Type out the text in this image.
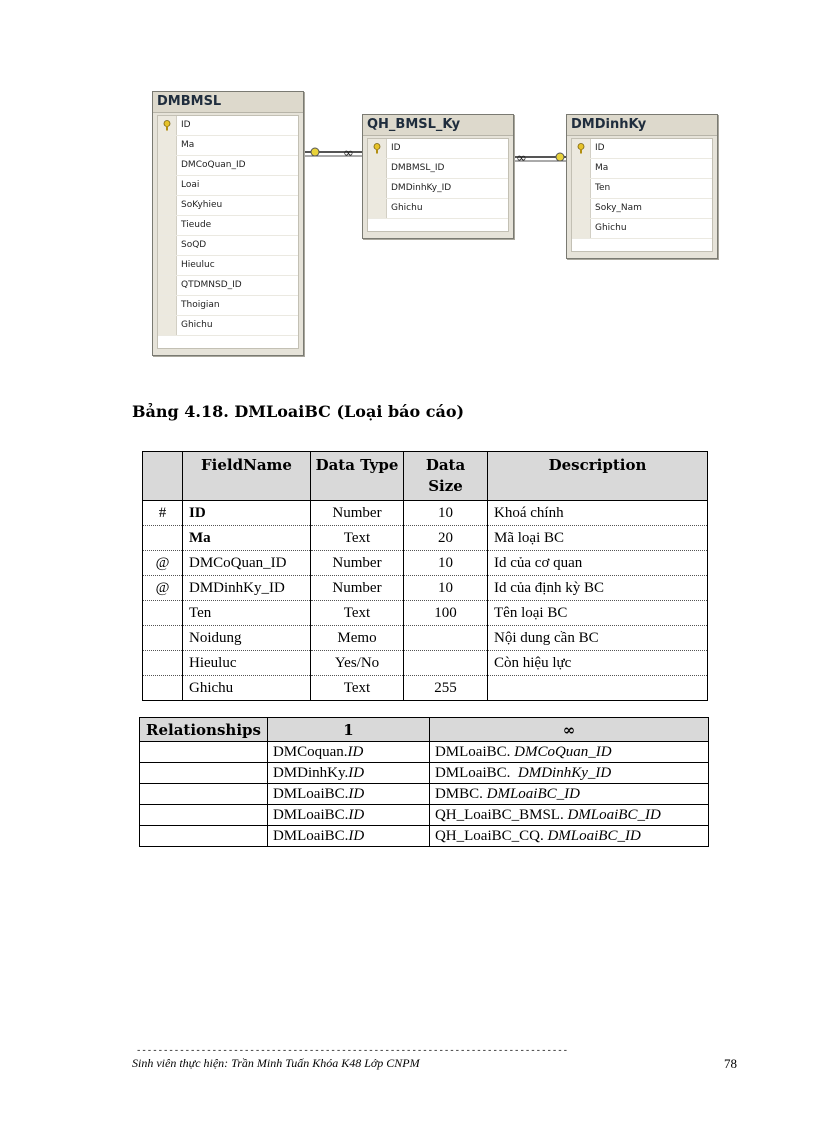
∞	∞
DMBMSL
ID
Ma
DMCoQuan_ID
Loai
SoKyhieu
Tieude
SoQD
Hieuluc
QTDMNSD_ID
Thoigian
Ghichu
QH_BMSL_Ky
ID
DMBMSL_ID
DMDinhKy_ID
Ghichu
DMDinhKy
ID
Ma
Ten
Soky_Nam
Ghichu
Bảng 4.18. DMLoaiBC (Loại báo cáo)
	FieldName	Data Type	Data Size	Description
#	ID	Number	10	Khoá chính
	Ma	Text	20	Mã loại BC
@	DMCoQuan_ID	Number	10	Id của cơ quan
@	DMDinhKy_ID	Number	10	Id của định kỳ BC
	Ten	Text	100	Tên loại BC
	Noidung	Memo		Nội dung cần BC
	Hieuluc	Yes/No		Còn hiệu lực
	Ghichu	Text	255	
Relationships	1	∞
	DMCoquan.ID	DMLoaiBC. DMCoQuan_ID
	DMDinhKy.ID	DMLoaiBC.  DMDinhKy_ID
	DMLoaiBC.ID	DMBC. DMLoaiBC_ID
	DMLoaiBC.ID	QH_LoaiBC_BMSL. DMLoaiBC_ID
	DMLoaiBC.ID	QH_LoaiBC_CQ. DMLoaiBC_ID
--------------------------------------------------------------------------------
Sinh viên thực hiện: Trần Minh Tuấn Khóa K48 Lớp CNPM	78
